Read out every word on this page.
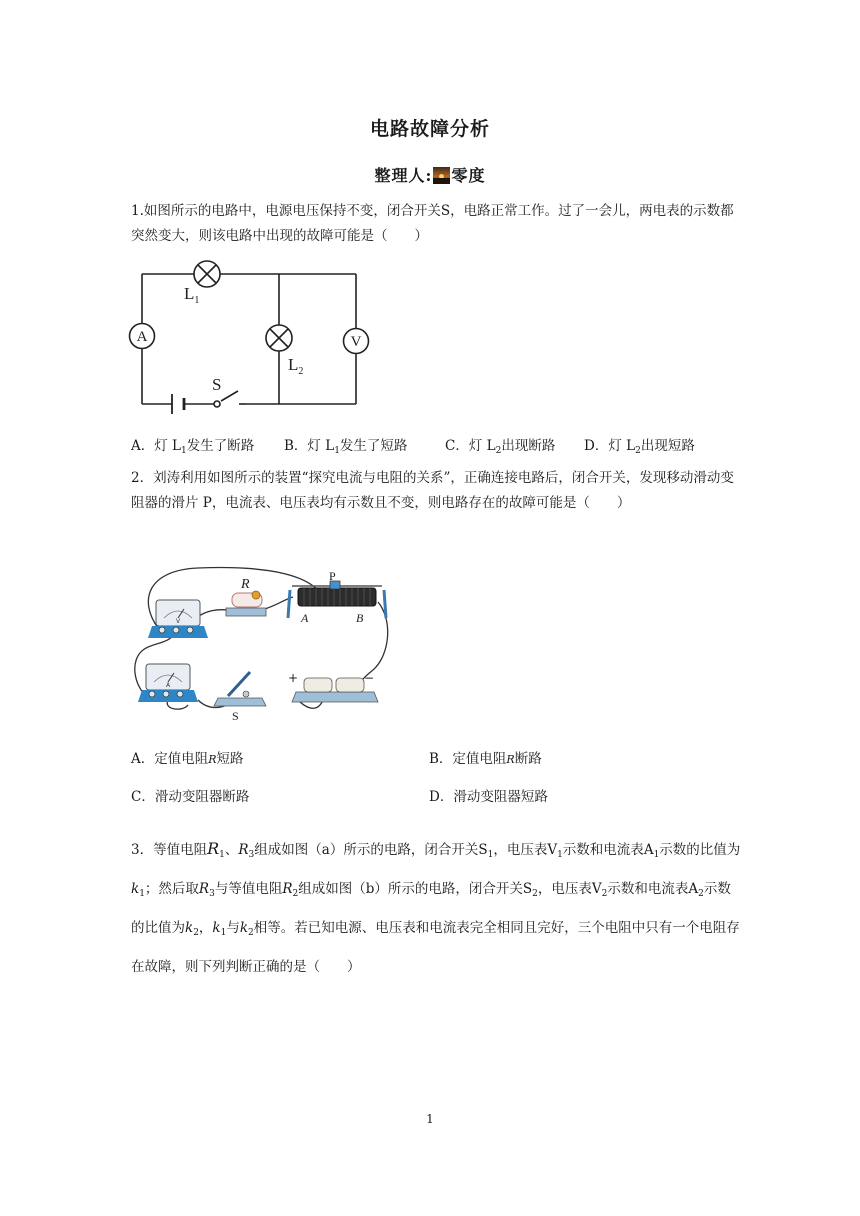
电路故障分析
整理人: 零度
1.如图所示的电路中，电源电压保持不变，闭合开关S，电路正常工作。过了一会儿，两电表的示数都突然变大，则该电路中出现的故障可能是（　　）
A	V
$L_1$
$L_2$
S
A．灯 $L_1$发生了断路 B．灯 $L_1$发生了短路	C．灯 $L_2$出现断路 D．灯 $L_2$出现短路
2．刘涛利用如图所示的装置“探究电流与电阻的关系”，正确连接电路后，闭合开关，发现移动滑动变阻器的滑片 P，电流表、电压表均有示数且不变，则电路存在的故障可能是（　　）
V
A
R
P
A	B
S
+	−
A．定值电阻R短路	B．定值电阻R断路
C．滑动变阻器断路	D．滑动变阻器短路
3．等值电阻$R_1$、$R_3$组成如图（a）所示的电路，闭合开关$S_1$，电压表$V_1$示数和电流表$A_1$示数的比值为$k_1$；然后取$R_3$与等值电阻$R_2$组成如图（b）所示的电路，闭合开关$S_2$，电压表$V_2$示数和电流表$A_2$示数的比值为$k_2$，$k_1$与$k_2$相等。若已知电源、电压表和电流表完全相同且完好，三个电阻中只有一个电阻存在故障，则下列判断正确的是（　　）
1
